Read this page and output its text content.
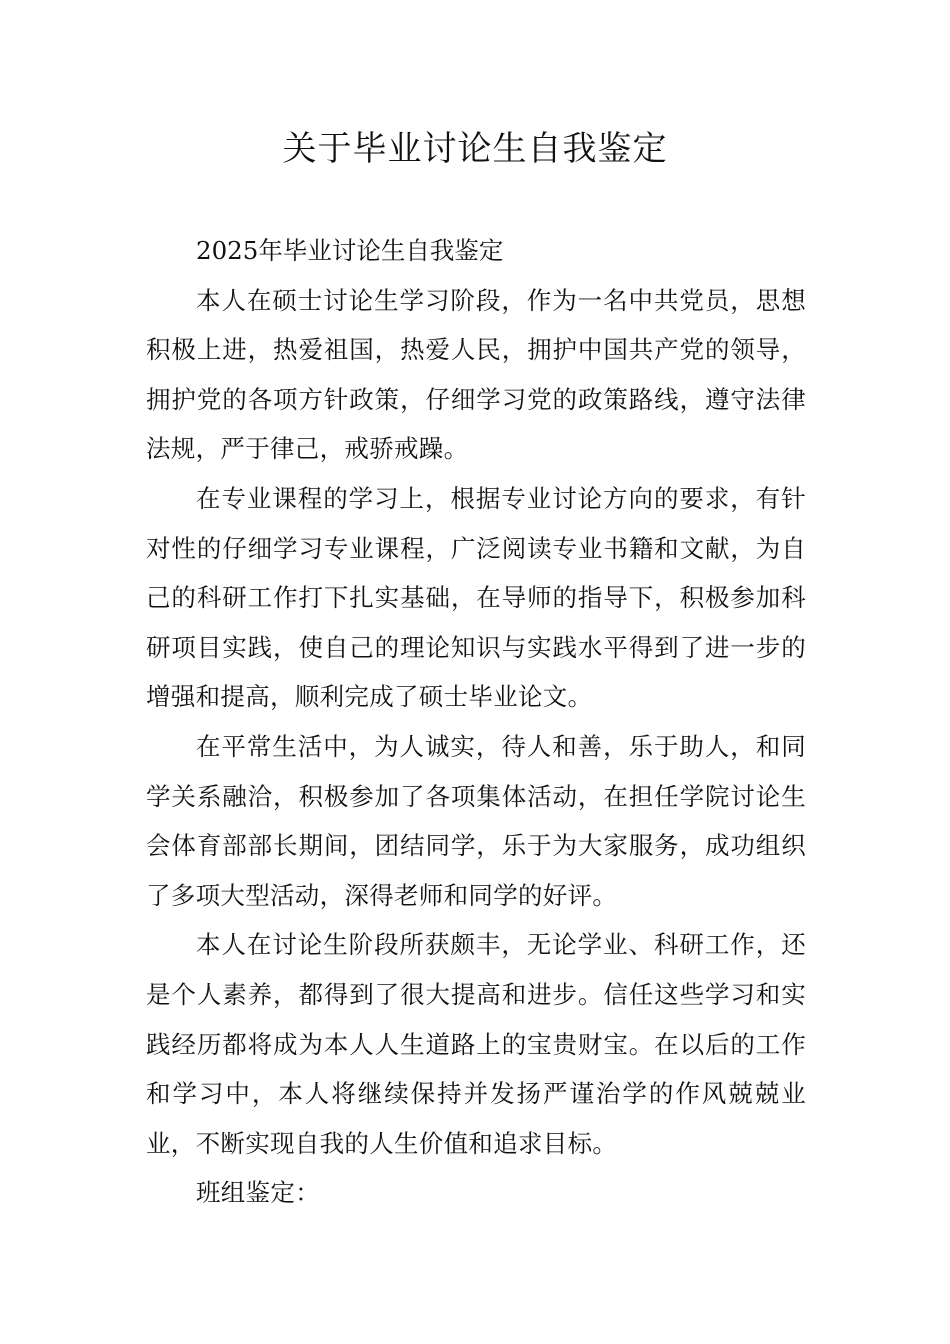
关于毕业讨论生自我鉴定

2025年毕业讨论生自我鉴定

本人在硕士讨论生学习阶段，作为一名中共党员，思想积极上进，热爱祖国，热爱人民，拥护中国共产党的领导，拥护党的各项方针政策，仔细学习党的政策路线，遵守法律法规，严于律己，戒骄戒躁。

在专业课程的学习上，根据专业讨论方向的要求，有针对性的仔细学习专业课程，广泛阅读专业书籍和文献，为自己的科研工作打下扎实基础，在导师的指导下，积极参加科研项目实践，使自己的理论知识与实践水平得到了进一步的增强和提高，顺利完成了硕士毕业论文。

在平常生活中，为人诚实，待人和善，乐于助人，和同学关系融洽，积极参加了各项集体活动，在担任学院讨论生会体育部部长期间，团结同学，乐于为大家服务，成功组织了多项大型活动，深得老师和同学的好评。

本人在讨论生阶段所获颇丰，无论学业、科研工作，还是个人素养，都得到了很大提高和进步。信任这些学习和实践经历都将成为本人人生道路上的宝贵财宝。在以后的工作和学习中，本人将继续保持并发扬严谨治学的作风兢兢业业，不断实现自我的人生价值和追求目标。

班组鉴定：
